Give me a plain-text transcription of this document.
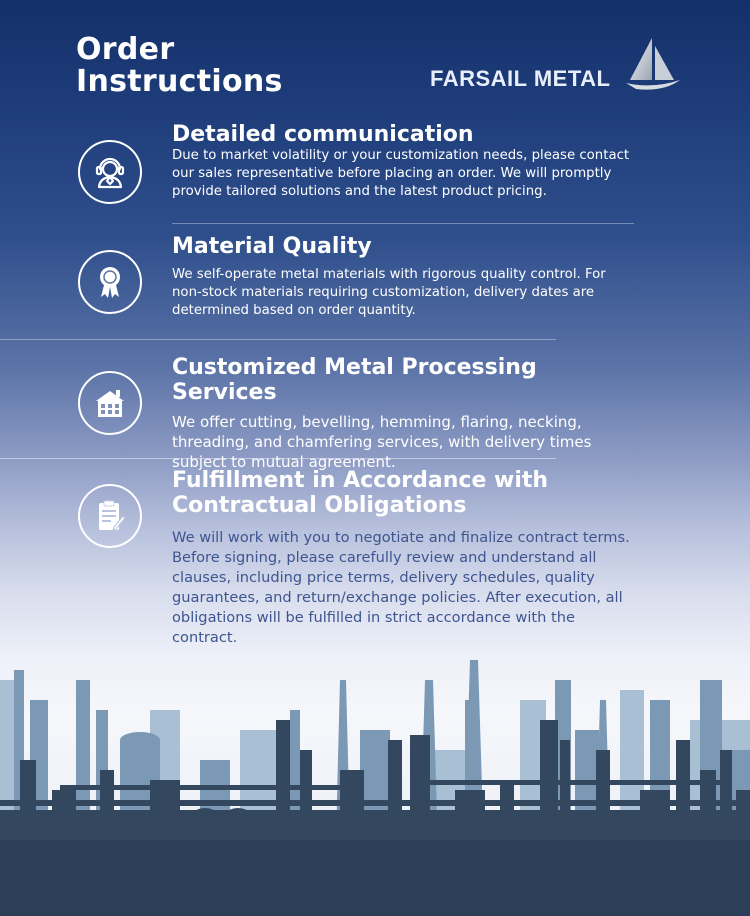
Order
Instructions	FARSAIL METAL
Detailed communication
Due to market volatility or your customization needs, please contact our sales representative before placing an order. We will promptly provide tailored solutions and the latest product pricing.
Material Quality
We self-operate metal materials with rigorous quality control. For non-stock materials requiring customization, delivery dates are determined based on order quantity.
Customized Metal Processing Services
We offer cutting, bevelling, hemming, flaring, necking, threading, and chamfering services, with delivery times subject to mutual agreement.
Fulfillment in Accordance with Contractual Obligations
We will work with you to negotiate and finalize contract terms. Before signing, please carefully review and understand all clauses, including price terms, delivery schedules, quality guarantees, and return/exchange policies. After execution, all obligations will be fulfilled in strict accordance with the contract.
